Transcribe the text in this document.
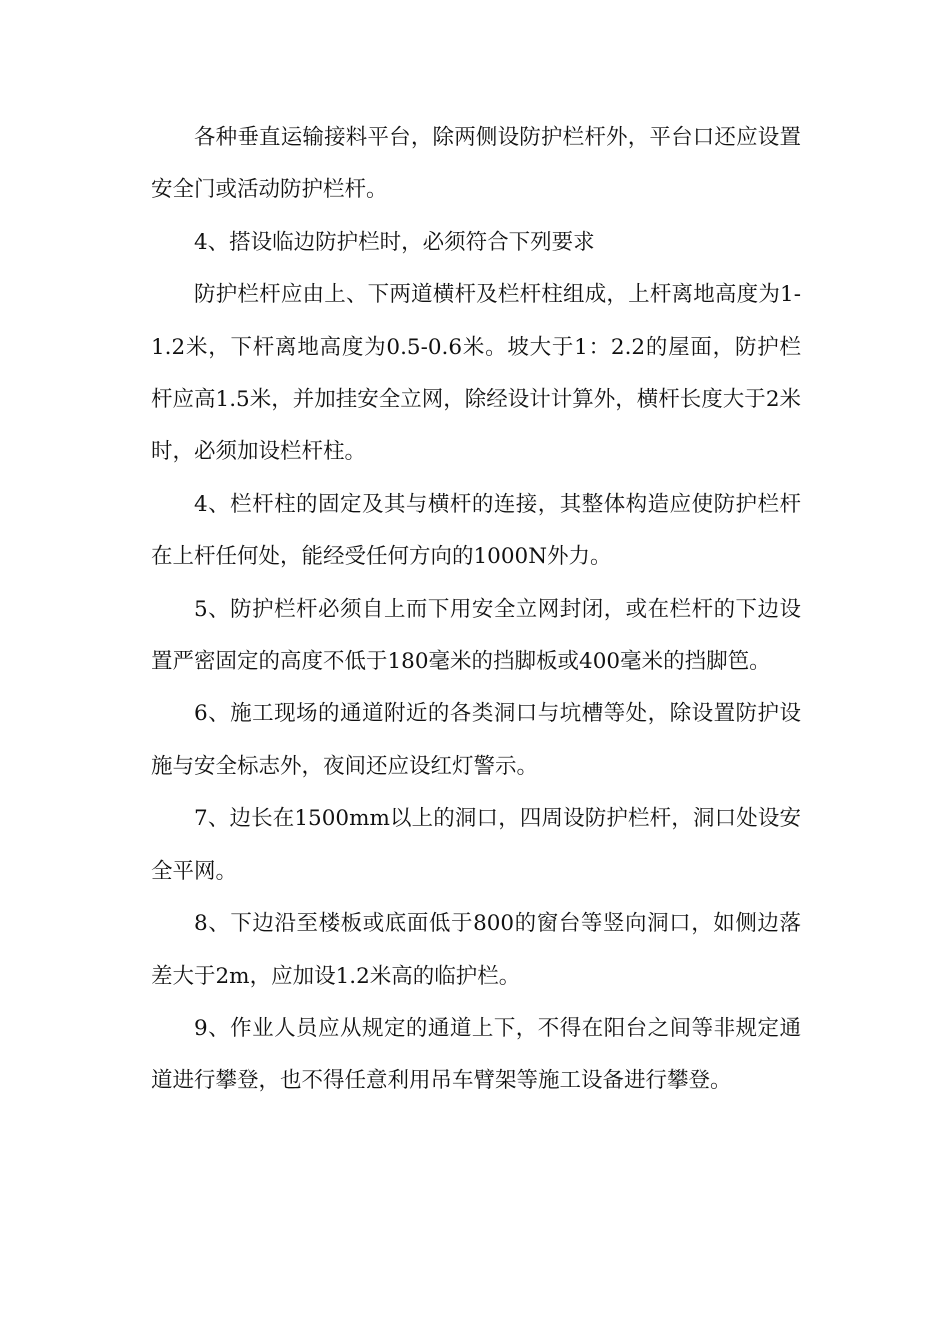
各种垂直运输接料平台，除两侧设防护栏杆外，平台口还应设置安全门或活动防护栏杆。

4、搭设临边防护栏时，必须符合下列要求

防护栏杆应由上、下两道横杆及栏杆柱组成，上杆离地高度为1-1.2米，下杆离地高度为0.5-0.6米。坡大于1：2.2的屋面，防护栏杆应高1.5米，并加挂安全立网，除经设计计算外，横杆长度大于2米时，必须加设栏杆柱。

4、栏杆柱的固定及其与横杆的连接，其整体构造应使防护栏杆在上杆任何处，能经受任何方向的1000N外力。

5、防护栏杆必须自上而下用安全立网封闭，或在栏杆的下边设置严密固定的高度不低于180毫米的挡脚板或400毫米的挡脚笆。

6、施工现场的通道附近的各类洞口与坑槽等处，除设置防护设施与安全标志外，夜间还应设红灯警示。

7、边长在1500mm以上的洞口，四周设防护栏杆，洞口处设安全平网。

8、下边沿至楼板或底面低于800的窗台等竖向洞口，如侧边落差大于2m，应加设1.2米高的临护栏。

9、作业人员应从规定的通道上下，不得在阳台之间等非规定通道进行攀登，也不得任意利用吊车臂架等施工设备进行攀登。
